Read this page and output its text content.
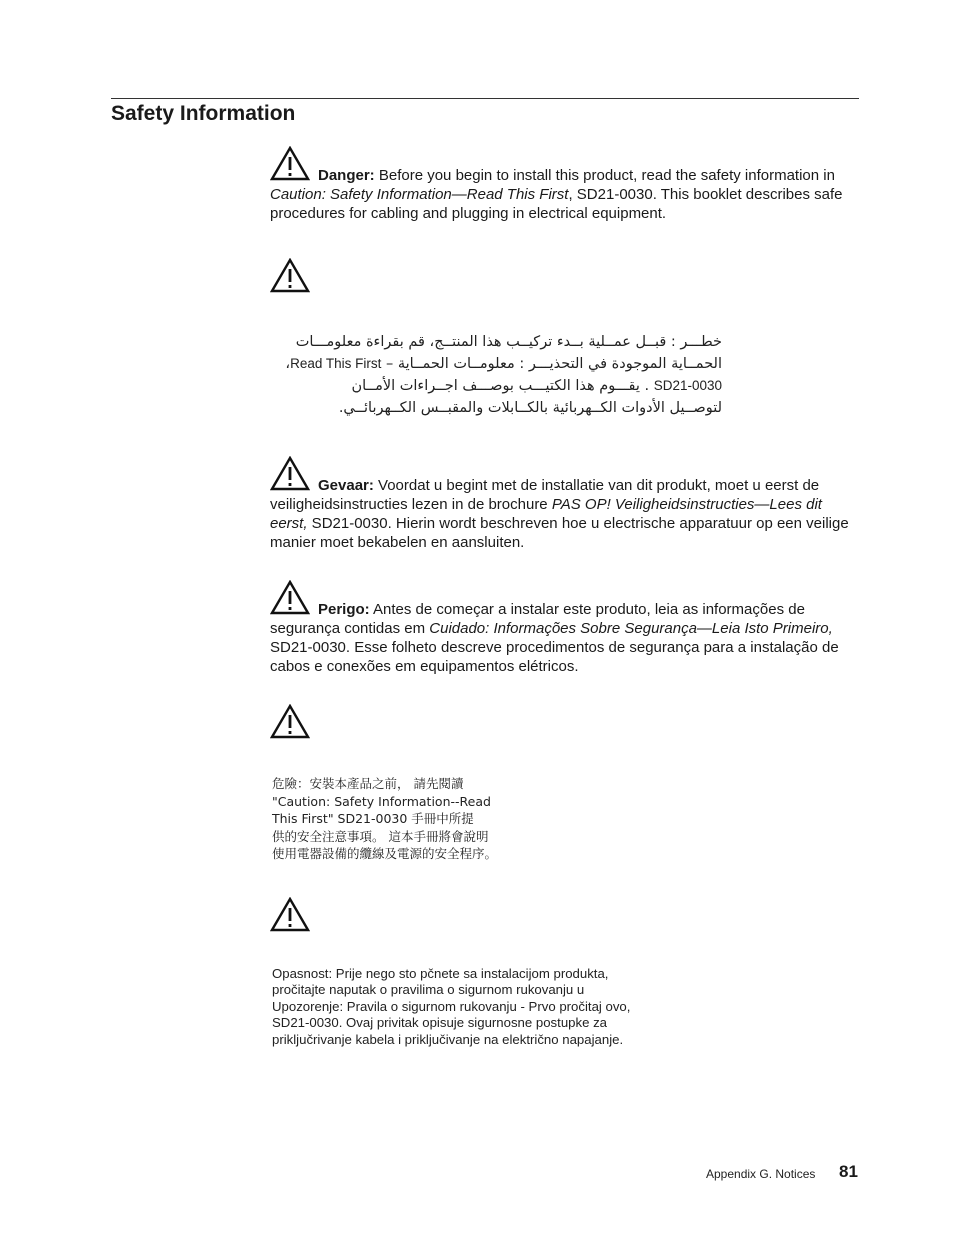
Safety Information
Danger: Before you begin to install this product, read the safety information in Caution: Safety Information—Read This First, SD21-0030. This booklet describes safe procedures for cabling and plugging in electrical equipment.
خطـــر : قبــل عمــلية بــدء تركيــب هذا المنتــج، قم بقراءة معلومـــات
الحمــاية الموجودة في التحذيـــر : معلومــات الحمــاية – Read This First،
SD21-0030 . يقـــوم هذا الكتيـــب بوصـــف اجــراءات الأمــان
لتوصــيل الأدوات الكــهربائية بالكــابلات والمقبــس الكــهربائــي.
Gevaar: Voordat u begint met de installatie van dit produkt, moet u eerst de veiligheidsinstructies lezen in de brochure PAS OP! Veiligheidsinstructies—Lees dit eerst, SD21-0030. Hierin wordt beschreven hoe u electrische apparatuur op een veilige manier moet bekabelen en aansluiten.
Perigo: Antes de começar a instalar este produto, leia as informações de segurança contidas em Cuidado: Informações Sobre Segurança—Leia Isto Primeiro, SD21-0030. Esse folheto descreve procedimentos de segurança para a instalação de cabos e conexões em equipamentos elétricos.
危險：安裝本產品之前， 請先閱讀
"Caution: Safety Information--Read
This First" SD21-0030 手冊中所提
供的安全注意事項。 這本手冊將會說明
使用電器設備的纜線及電源的安全程序。
Opasnost: Prije nego sto pčnete sa instalacijom produkta,
pročitajte naputak o pravilima o sigurnom rukovanju u
Upozorenje: Pravila o sigurnom rukovanju - Prvo pročitaj ovo,
SD21-0030. Ovaj privitak opisuje sigurnosne postupke za
priključrivanje kabela i priključivanje na električno napajanje.
Appendix G. Notices 81
